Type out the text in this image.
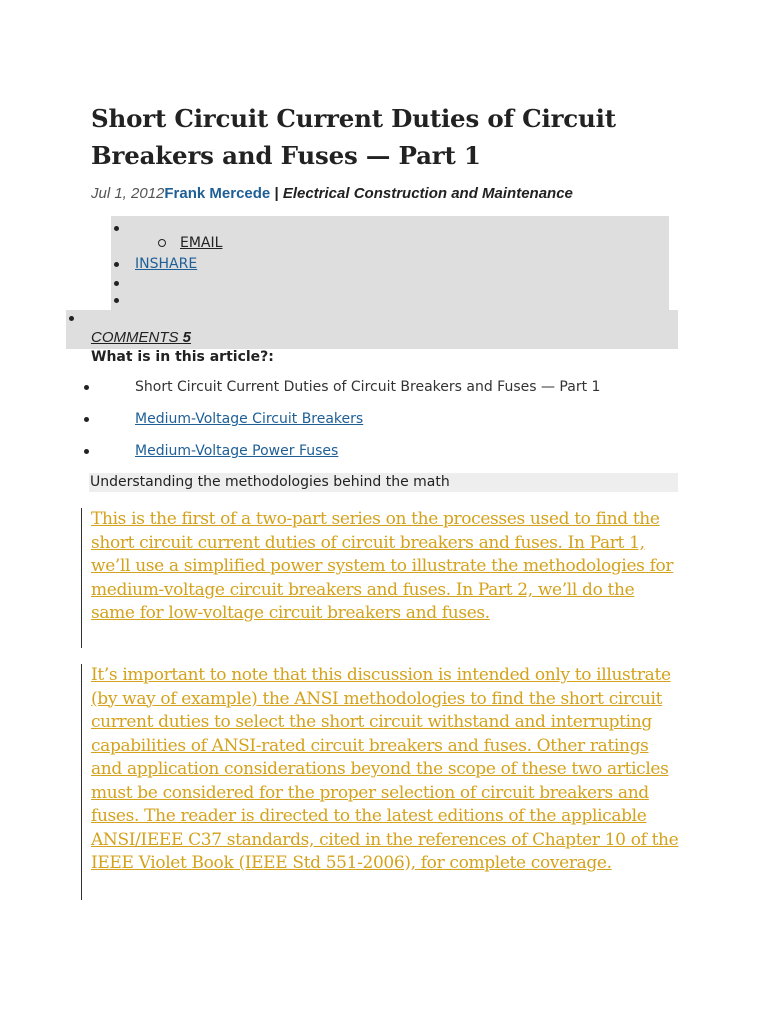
Short Circuit Current Duties of Circuit Breakers and Fuses — Part 1
Jul 1, 2012Frank Mercede | Electrical Construction and Maintenance
EMAIL
INSHARE
COMMENTS 5
What is in this article?:
Short Circuit Current Duties of Circuit Breakers and Fuses — Part 1
Medium-Voltage Circuit Breakers
Medium-Voltage Power Fuses
Understanding the methodologies behind the math

This is the first of a two-part series on the processes used to find the short circuit current duties of circuit breakers and fuses. In Part 1, we’ll use a simplified power system to illustrate the methodologies for medium-voltage circuit breakers and fuses. In Part 2, we’ll do the same for low-voltage circuit breakers and fuses.

It’s important to note that this discussion is intended only to illustrate (by way of example) the ANSI methodologies to find the short circuit current duties to select the short circuit withstand and interrupting capabilities of ANSI-rated circuit breakers and fuses. Other ratings and application considerations beyond the scope of these two articles must be considered for the proper selection of circuit breakers and fuses. The reader is directed to the latest editions of the applicable ANSI/IEEE C37 standards, cited in the references of Chapter 10 of the IEEE Violet Book (IEEE Std 551-2006), for complete coverage.
